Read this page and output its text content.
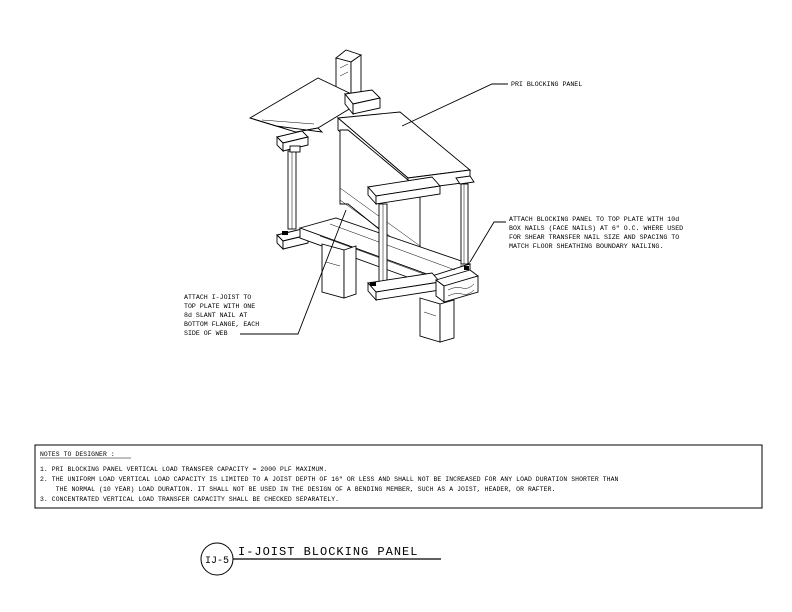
PRI BLOCKING PANEL
ATTACH BLOCKING PANEL TO TOP PLATE WITH 10d
BOX NAILS (FACE NAILS) AT 6" O.C. WHERE USED
FOR SHEAR TRANSFER NAIL SIZE AND SPACING TO
MATCH FLOOR SHEATHING BOUNDARY NAILING.
ATTACH I-JOIST TO
TOP PLATE WITH ONE
8d SLANT NAIL AT
BOTTOM FLANGE, EACH
SIDE OF WEB
NOTES TO DESIGNER :
1. PRI BLOCKING PANEL VERTICAL LOAD TRANSFER CAPACITY = 2000 PLF MAXIMUM.
2. THE UNIFORM LOAD VERTICAL LOAD CAPACITY IS LIMITED TO A JOIST DEPTH OF 16" OR LESS AND SHALL NOT BE INCREASED FOR ANY LOAD DURATION SHORTER THAN
THE NORMAL (10 YEAR) LOAD DURATION. IT SHALL NOT BE USED IN THE DESIGN OF A BENDING MEMBER, SUCH AS A JOIST, HEADER, OR RAFTER.
3. CONCENTRATED VERTICAL LOAD TRANSFER CAPACITY SHALL BE CHECKED SEPARATELY.
IJ-5
I-JOIST BLOCKING PANEL
